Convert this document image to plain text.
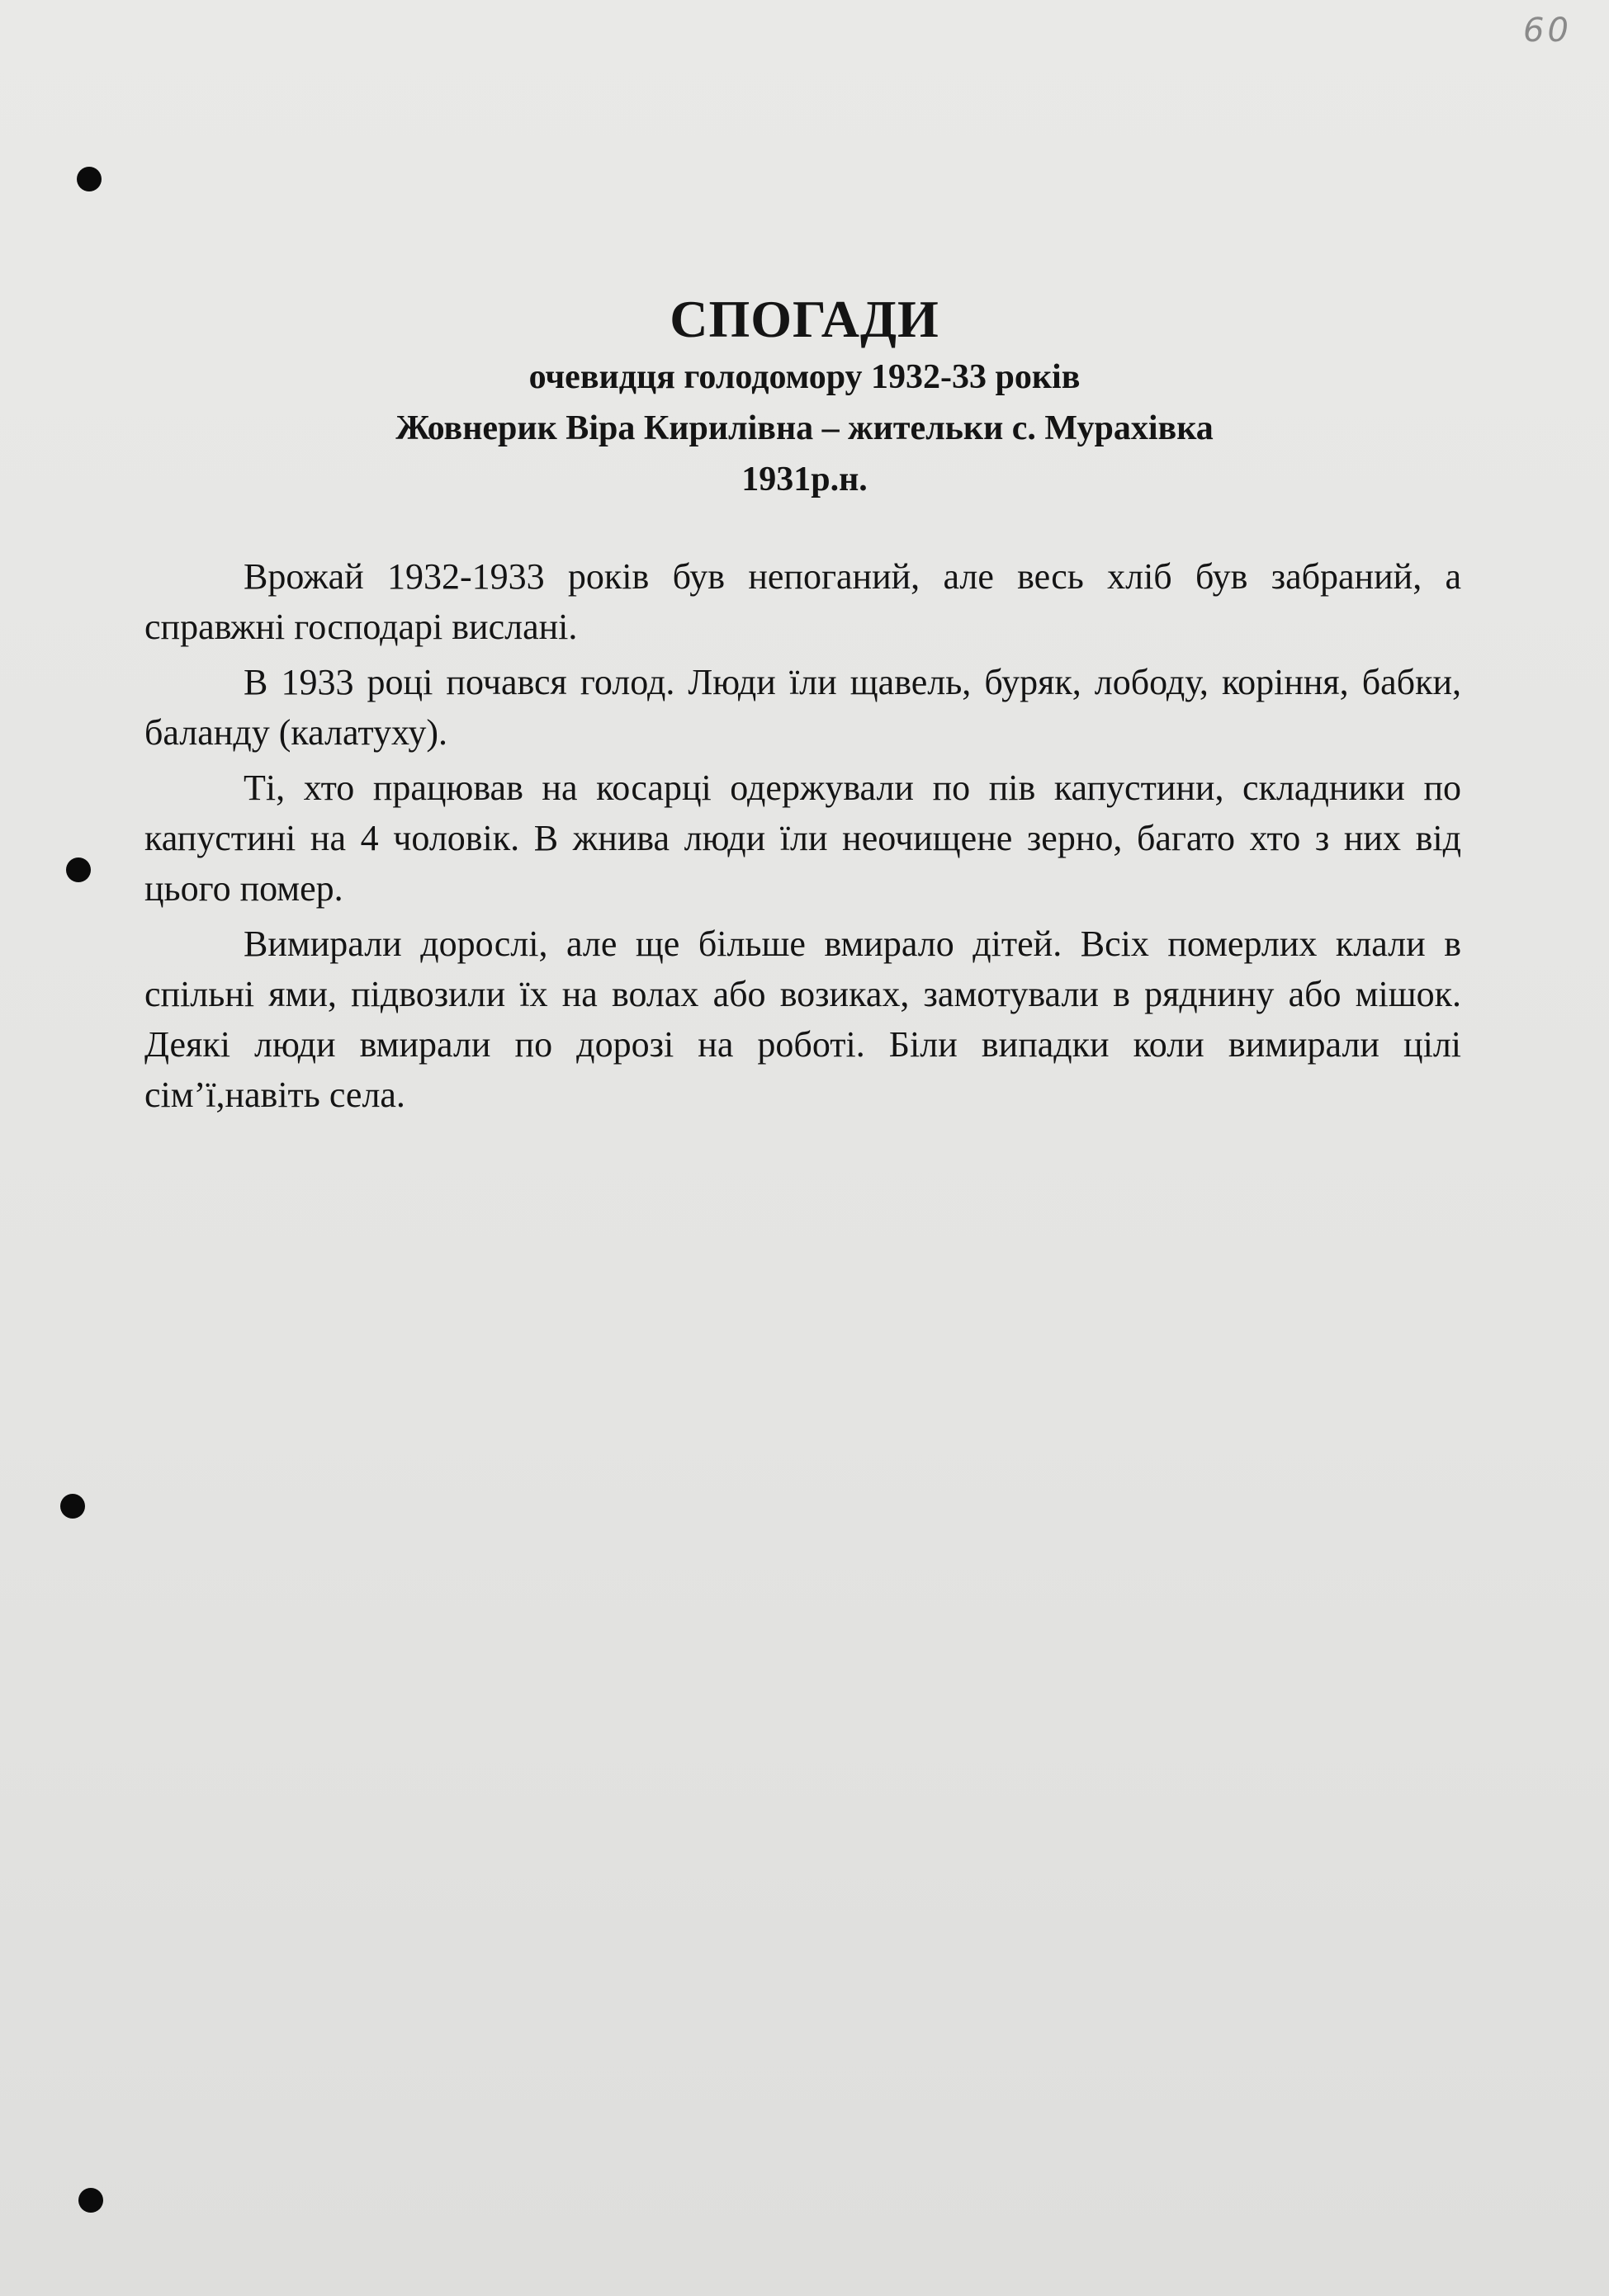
60

СПОГАДИ

очевидця голодомору 1932-33 років

Жовнерик Віра Кирилівна – жительки с. Мурахівка

1931р.н.

Врожай 1932-1933 років був непоганий, але весь хліб був забраний, а справжні господарі вислані.

В 1933 році почався голод. Люди їли щавель, буряк, лободу, коріння, бабки, баланду (калатуху).

Ті, хто працював на косарці одержували по пів капустини, складники по капустині на 4 чоловік. В жнива люди їли неочищене зерно, багато хто з них від цього помер.

Вимирали дорослі, але ще більше вмирало дітей. Всіх померлих клали в спільні ями, підвозили їх на волах або возиках, замотували в ряднину або мішок. Деякі люди вмирали по дорозі на роботі. Біли випадки коли вимирали цілі сім’ї,навіть села.
